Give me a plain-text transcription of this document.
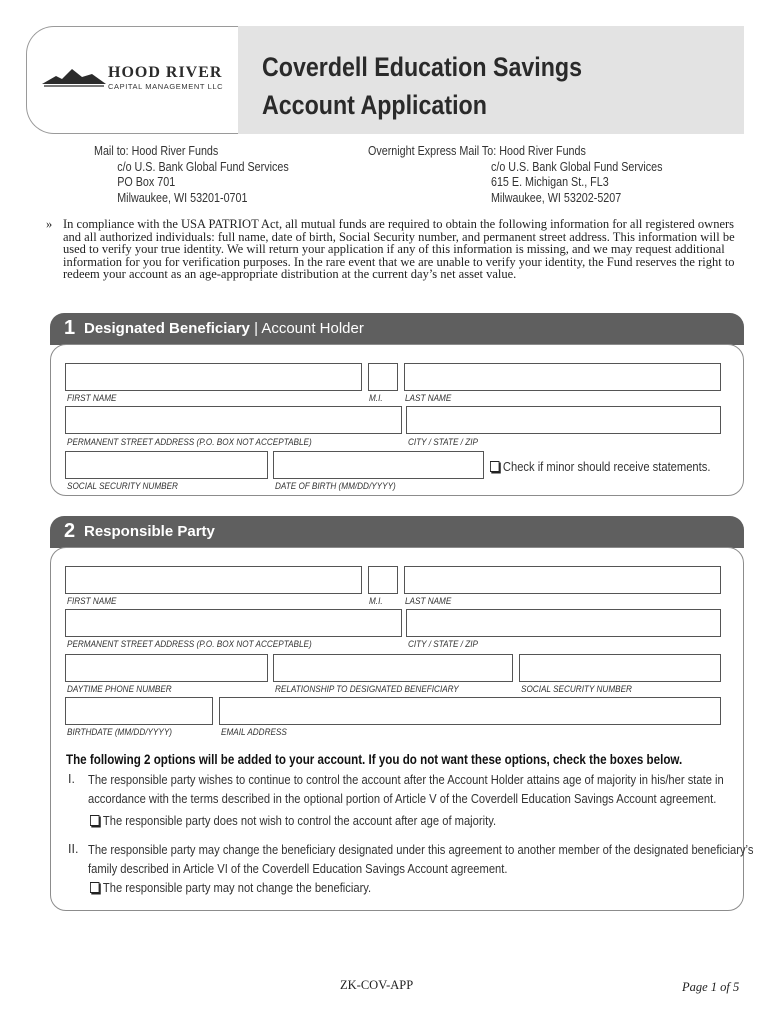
HOOD RIVER
CAPITAL MANAGEMENT LLC
Coverdell Education Savings
Account Application
Mail to: Hood River Funds
c/o U.S. Bank Global Fund Services
PO Box 701
Milwaukee, WI 53201-0701
Overnight Express Mail To: Hood River Funds
c/o U.S. Bank Global Fund Services
615 E. Michigan St., FL3
Milwaukee, WI 53202-5207
» In compliance with the USA PATRIOT Act, all mutual funds are required to obtain the following information for all registered owners and all authorized individuals: full name, date of birth, Social Security number, and permanent street address. This information will be used to verify your true identity. We will return your application if any of this information is missing, and we may request additional information for you for verification purposes. In the rare event that we are unable to verify your identity, the Fund reserves the right to redeem your account as an age-appropriate distribution at the current day’s net asset value.
1 Designated Beneficiary | Account Holder
FIRST NAME	M.I. LAST NAME
PERMANENT STREET ADDRESS (P.O. BOX NOT ACCEPTABLE)	CITY / STATE / ZIP
SOCIAL SECURITY NUMBER	DATE OF BIRTH (MM/DD/YYYY)
Check if minor should receive statements.
2 Responsible Party
FIRST NAME	M.I. LAST NAME
PERMANENT STREET ADDRESS (P.O. BOX NOT ACCEPTABLE)	CITY / STATE / ZIP
DAYTIME PHONE NUMBER	RELATIONSHIP TO DESIGNATED BENEFICIARY	SOCIAL SECURITY NUMBER
BIRTHDATE (MM/DD/YYYY)	EMAIL ADDRESS
The following 2 options will be added to your account. If you do not want these options, check the boxes below.
I. The responsible party wishes to continue to control the account after the Account Holder attains age of majority in his/her state in
accordance with the terms described in the optional portion of Article V of the Coverdell Education Savings Account agreement.
The responsible party does not wish to control the account after age of majority.
II. The responsible party may change the beneficiary designated under this agreement to another member of the designated beneficiary’s
family described in Article VI of the Coverdell Education Savings Account agreement.
The responsible party may not change the beneficiary.
ZK-COV-APP	Page 1 of 5
